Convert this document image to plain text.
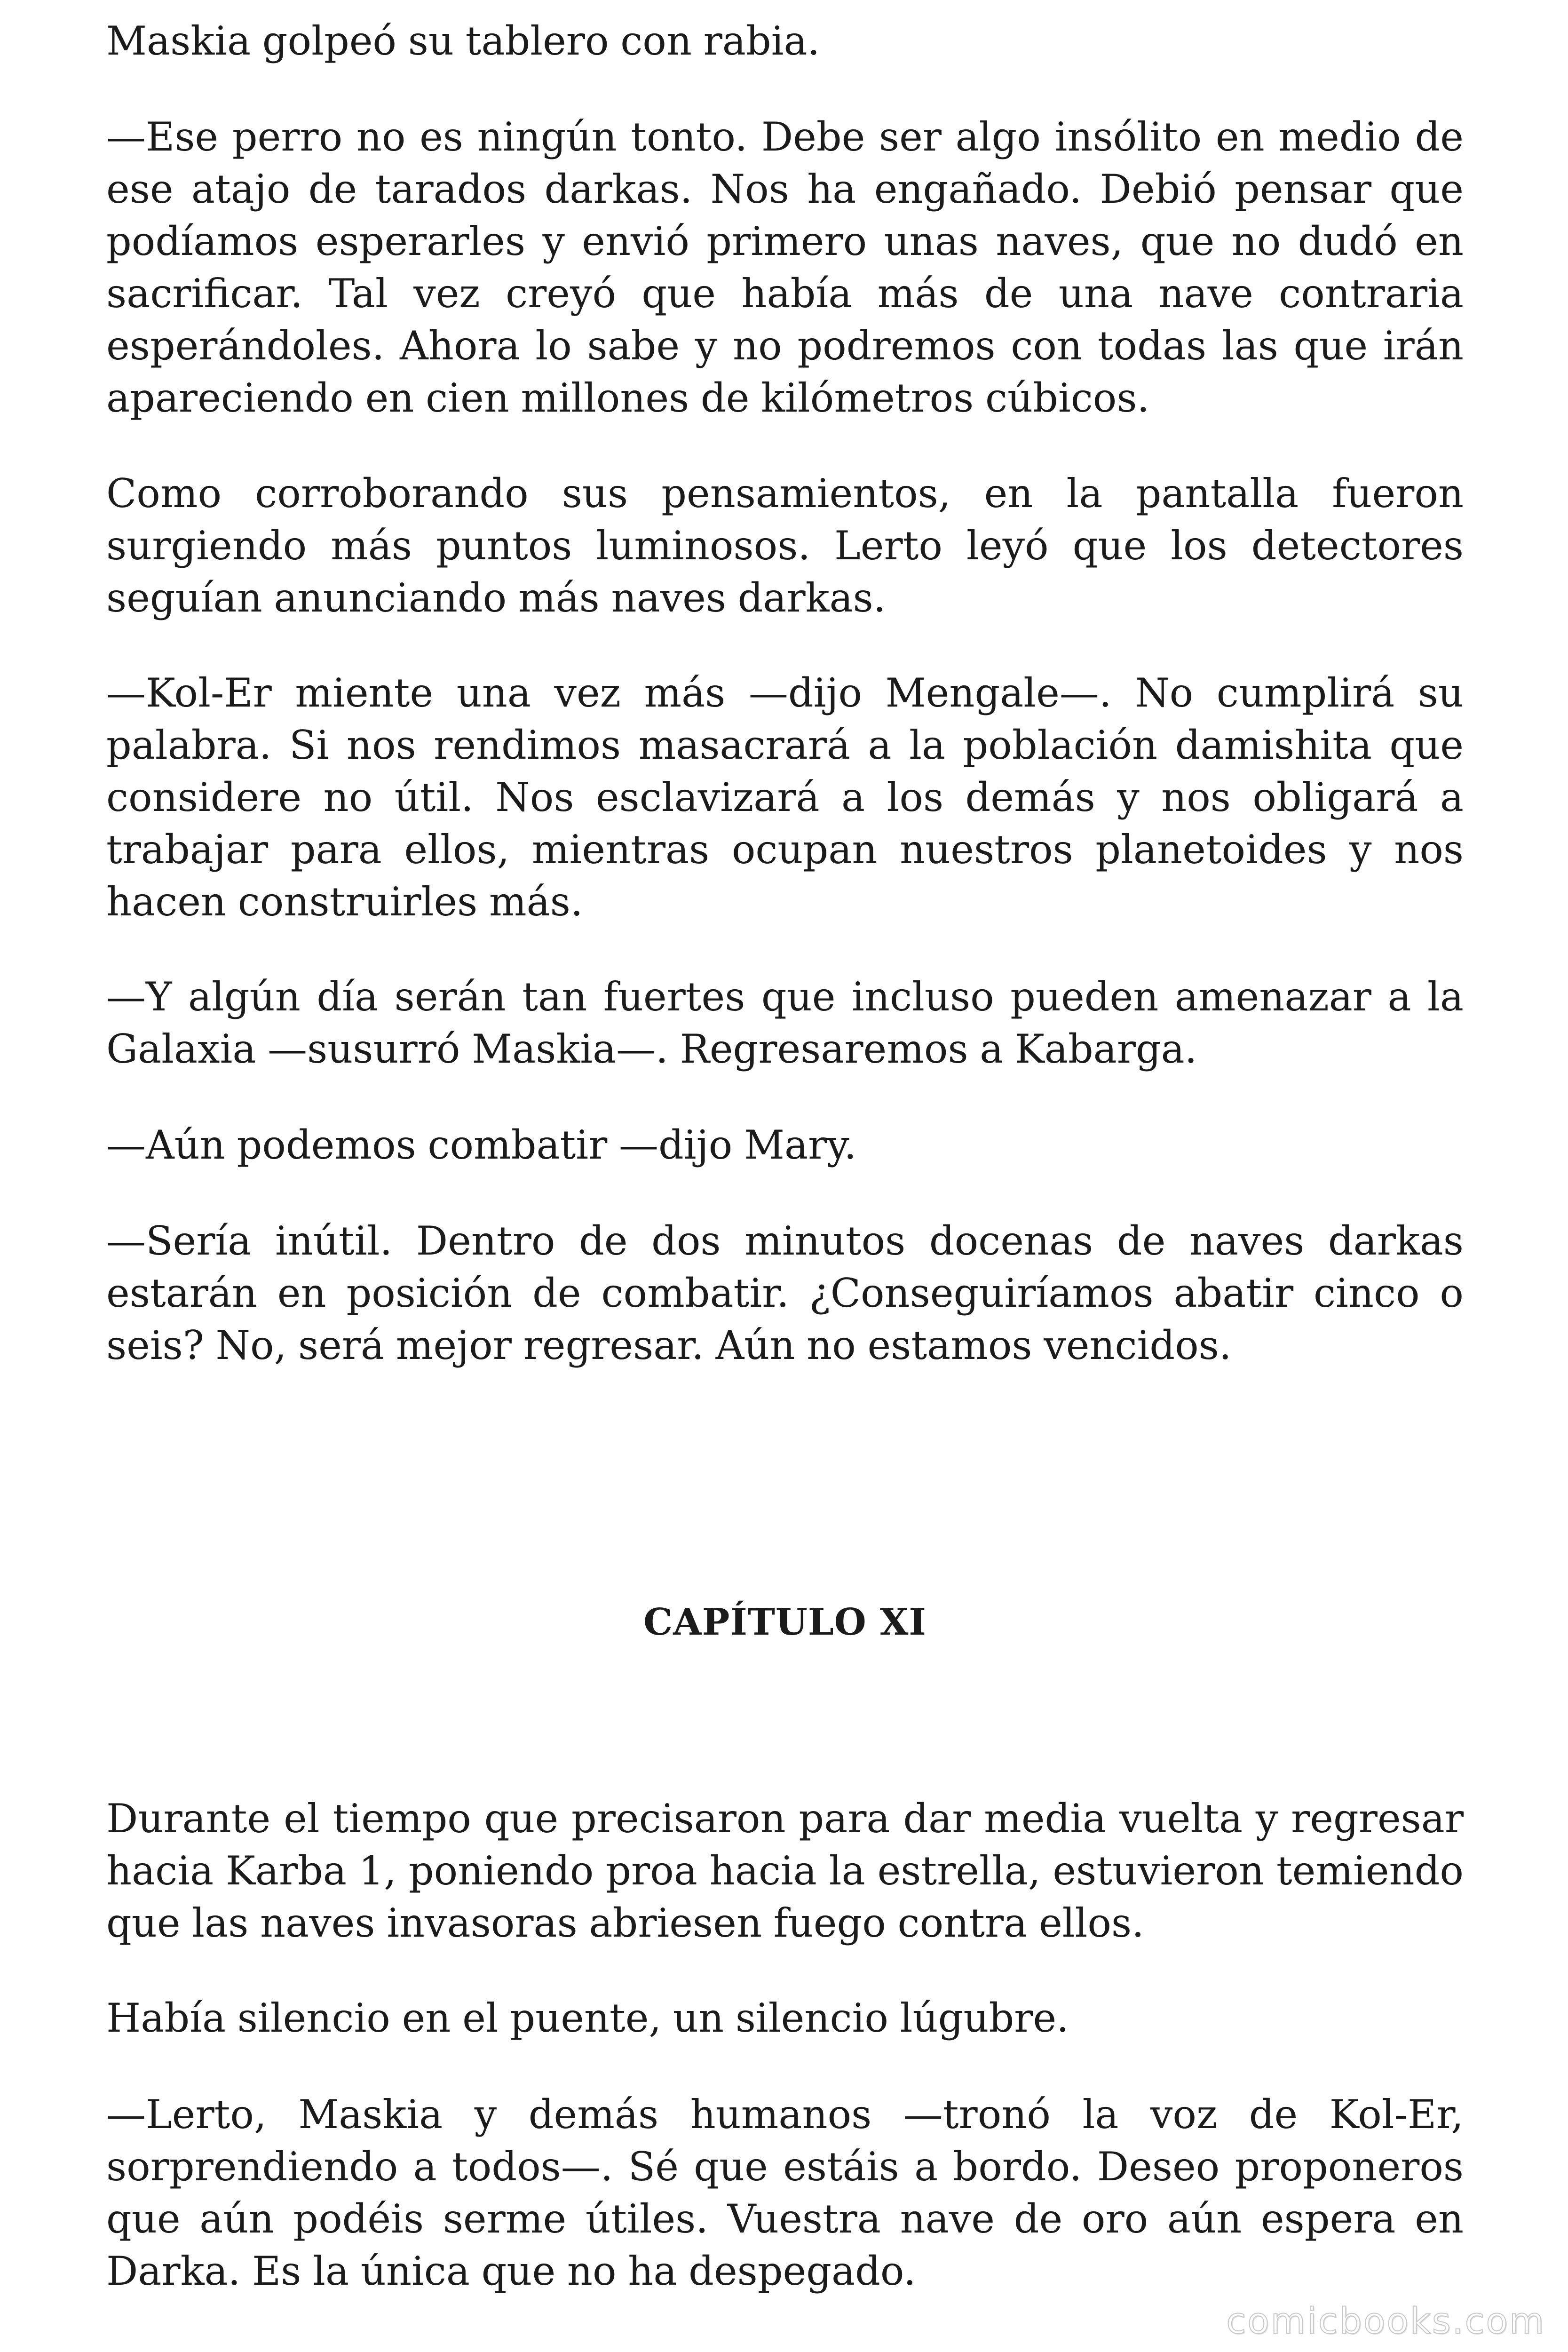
Maskia golpeó su tablero con rabia.

—Ese perro no es ningún tonto. Debe ser algo insólito en medio de ese atajo de tarados darkas. Nos ha engañado. Debió pensar que podíamos esperarles y envió primero unas naves, que no dudó en sacrificar. Tal vez creyó que había más de una nave contraria esperándoles. Ahora lo sabe y no podremos con todas las que irán apareciendo en cien millones de kilómetros cúbicos.

Como corroborando sus pensamientos, en la pantalla fueron surgiendo más puntos luminosos. Lerto leyó que los detectores seguían anunciando más naves darkas.

—Kol-Er miente una vez más —dijo Mengale—. No cumplirá su palabra. Si nos rendimos masacrará a la población damishita que considere no útil. Nos esclavizará a los demás y nos obligará a trabajar para ellos, mientras ocupan nuestros planetoides y nos hacen construirles más.

—Y algún día serán tan fuertes que incluso pueden amenazar a la Galaxia —susurró Maskia—. Regresaremos a Kabarga.

—Aún podemos combatir —dijo Mary.

—Sería inútil. Dentro de dos minutos docenas de naves darkas estarán en posición de combatir. ¿Conseguiríamos abatir cinco o seis? No, será mejor regresar. Aún no estamos vencidos.

CAPÍTULO XI

Durante el tiempo que precisaron para dar media vuelta y regresar hacia Karba 1, poniendo proa hacia la estrella, estuvieron temiendo que las naves invasoras abriesen fuego contra ellos.

Había silencio en el puente, un silencio lúgubre.

—Lerto, Maskia y demás humanos —tronó la voz de Kol-Er, sorprendiendo a todos—. Sé que estáis a bordo. Deseo proponeros que aún podéis serme útiles. Vuestra nave de oro aún espera en Darka. Es la única que no ha despegado.

comicbooks.com
